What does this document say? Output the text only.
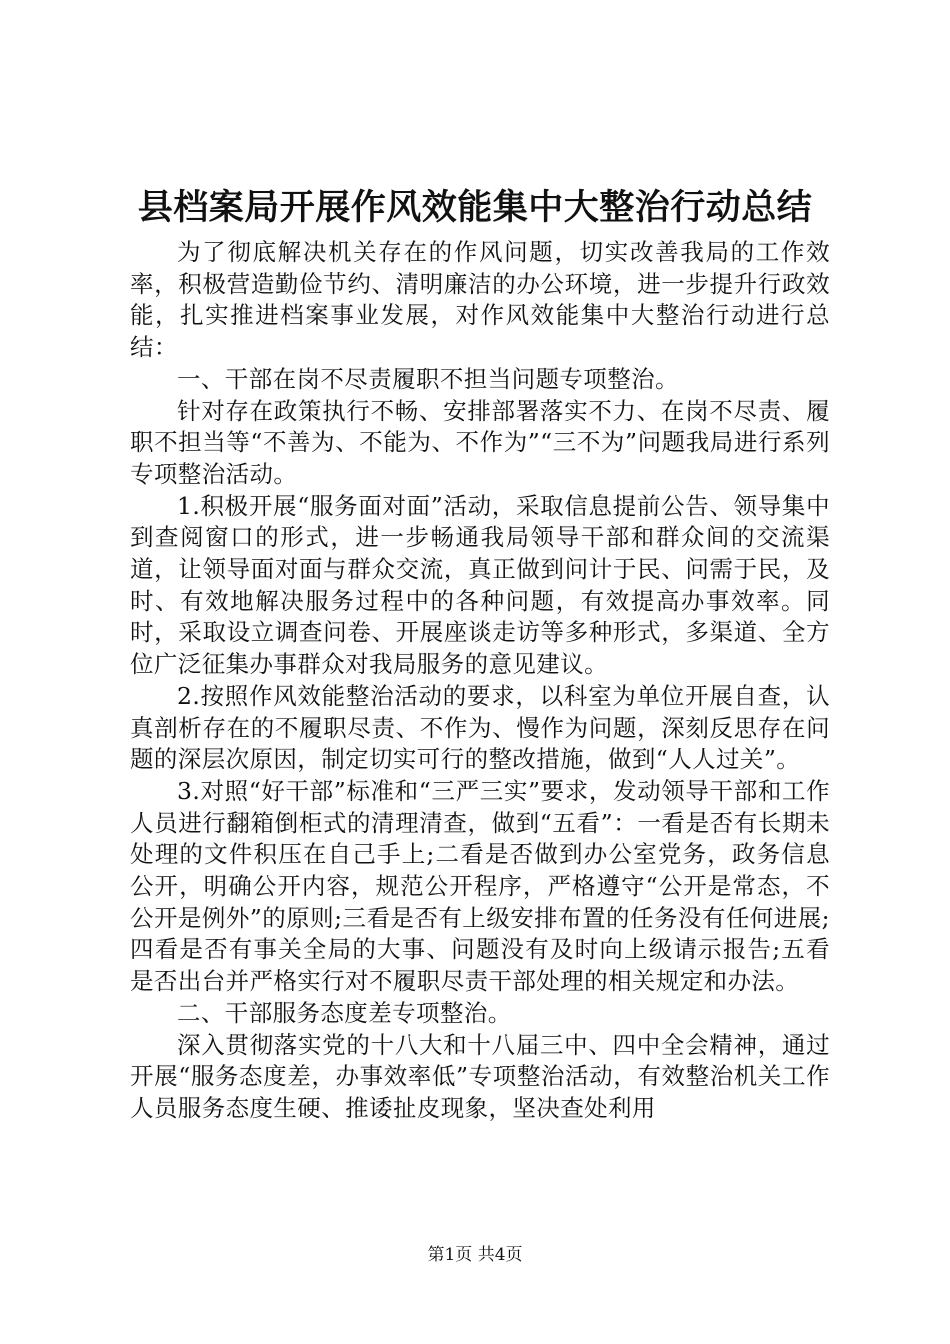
县档案局开展作风效能集中大整治行动总结

为了彻底解决机关存在的作风问题，切实改善我局的工作效率，积极营造勤俭节约、清明廉洁的办公环境，进一步提升行政效能，扎实推进档案事业发展，对作风效能集中大整治行动进行总结：

一、干部在岗不尽责履职不担当问题专项整治。

针对存在政策执行不畅、安排部署落实不力、在岗不尽责、履职不担当等“不善为、不能为、不作为”“三不为”问题我局进行系列专项整治活动。

1.积极开展“服务面对面”活动，采取信息提前公告、领导集中到查阅窗口的形式，进一步畅通我局领导干部和群众间的交流渠道，让领导面对面与群众交流，真正做到问计于民、问需于民，及时、有效地解决服务过程中的各种问题，有效提高办事效率。同时，采取设立调查问卷、开展座谈走访等多种形式，多渠道、全方位广泛征集办事群众对我局服务的意见建议。

2.按照作风效能整治活动的要求，以科室为单位开展自查，认真剖析存在的不履职尽责、不作为、慢作为问题，深刻反思存在问题的深层次原因，制定切实可行的整改措施，做到“人人过关”。

3.对照“好干部”标准和“三严三实”要求，发动领导干部和工作人员进行翻箱倒柜式的清理清查，做到“五看”：一看是否有长期未处理的文件积压在自己手上;二看是否做到办公室党务，政务信息公开，明确公开内容，规范公开程序，严格遵守“公开是常态，不公开是例外”的原则;三看是否有上级安排布置的任务没有任何进展;四看是否有事关全局的大事、问题没有及时向上级请示报告;五看是否出台并严格实行对不履职尽责干部处理的相关规定和办法。

二、干部服务态度差专项整治。

深入贯彻落实党的十八大和十八届三中、四中全会精神，通过开展“服务态度差，办事效率低”专项整治活动，有效整治机关工作人员服务态度生硬、推诿扯皮现象，坚决查处利用

第1页 共4页
